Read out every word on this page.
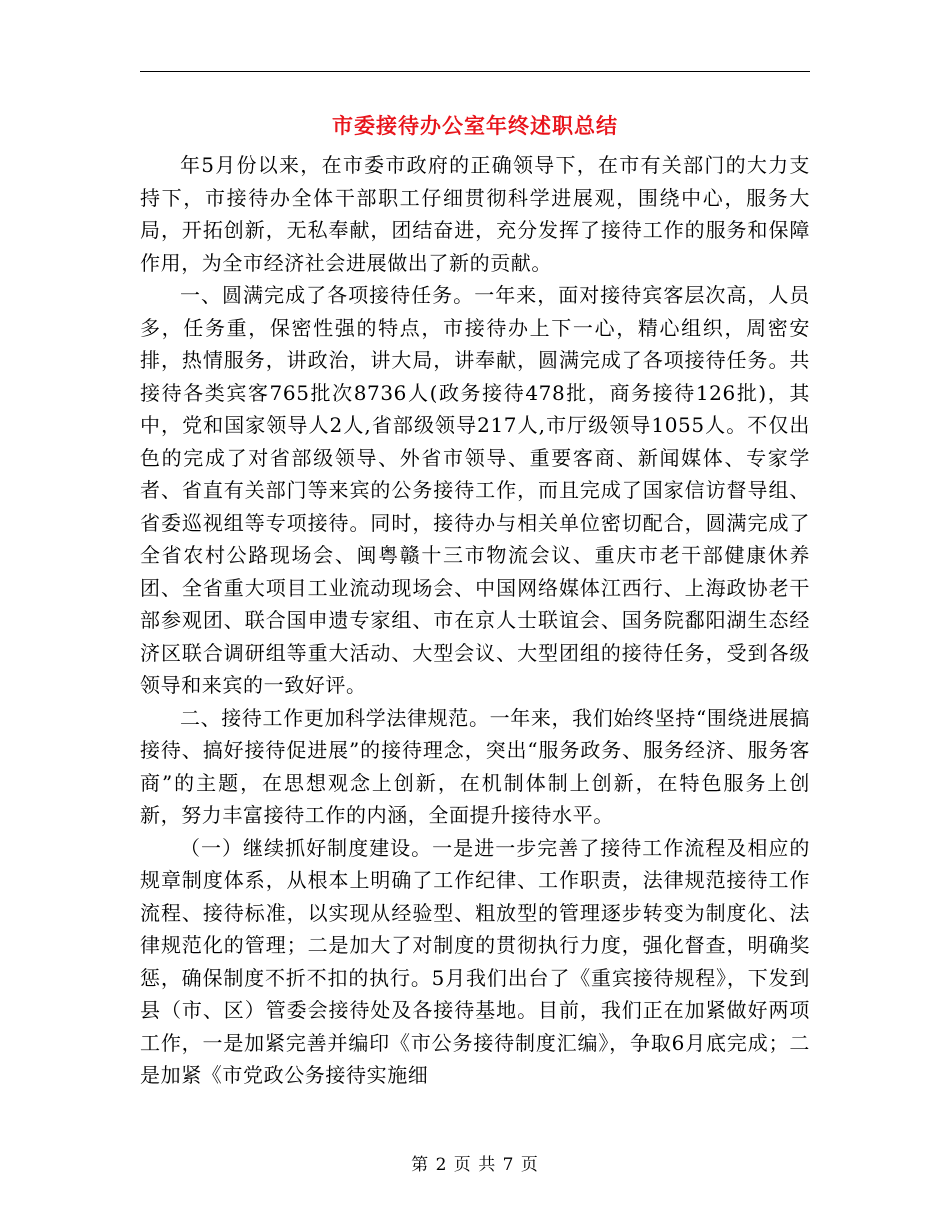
市委接待办公室年终述职总结

年5月份以来，在市委市政府的正确领导下，在市有关部门的大力支持下，市接待办全体干部职工仔细贯彻科学进展观，围绕中心，服务大局，开拓创新，无私奉献，团结奋进，充分发挥了接待工作的服务和保障作用，为全市经济社会进展做出了新的贡献。

一、圆满完成了各项接待任务。一年来，面对接待宾客层次高，人员多，任务重，保密性强的特点，市接待办上下一心，精心组织，周密安排，热情服务，讲政治，讲大局，讲奉献，圆满完成了各项接待任务。共接待各类宾客765批次8736人(政务接待478批，商务接待126批)，其中，党和国家领导人2人,省部级领导217人,市厅级领导1055人。不仅出色的完成了对省部级领导、外省市领导、重要客商、新闻媒体、专家学者、省直有关部门等来宾的公务接待工作，而且完成了国家信访督导组、省委巡视组等专项接待。同时，接待办与相关单位密切配合，圆满完成了全省农村公路现场会、闽粤赣十三市物流会议、重庆市老干部健康休养团、全省重大项目工业流动现场会、中国网络媒体江西行、上海政协老干部参观团、联合国申遗专家组、市在京人士联谊会、国务院鄱阳湖生态经济区联合调研组等重大活动、大型会议、大型团组的接待任务，受到各级领导和来宾的一致好评。

二、接待工作更加科学法律规范。一年来，我们始终坚持“围绕进展搞接待、搞好接待促进展”的接待理念，突出“服务政务、服务经济、服务客商”的主题，在思想观念上创新，在机制体制上创新，在特色服务上创新，努力丰富接待工作的内涵，全面提升接待水平。

（一）继续抓好制度建设。一是进一步完善了接待工作流程及相应的规章制度体系，从根本上明确了工作纪律、工作职责，法律规范接待工作流程、接待标准，以实现从经验型、粗放型的管理逐步转变为制度化、法律规范化的管理；二是加大了对制度的贯彻执行力度，强化督查，明确奖惩，确保制度不折不扣的执行。5月我们出台了《重宾接待规程》，下发到县（市、区）管委会接待处及各接待基地。目前，我们正在加紧做好两项工作，一是加紧完善并编印《市公务接待制度汇编》，争取6月底完成；二是加紧《市党政公务接待实施细

第 2 页 共 7 页
